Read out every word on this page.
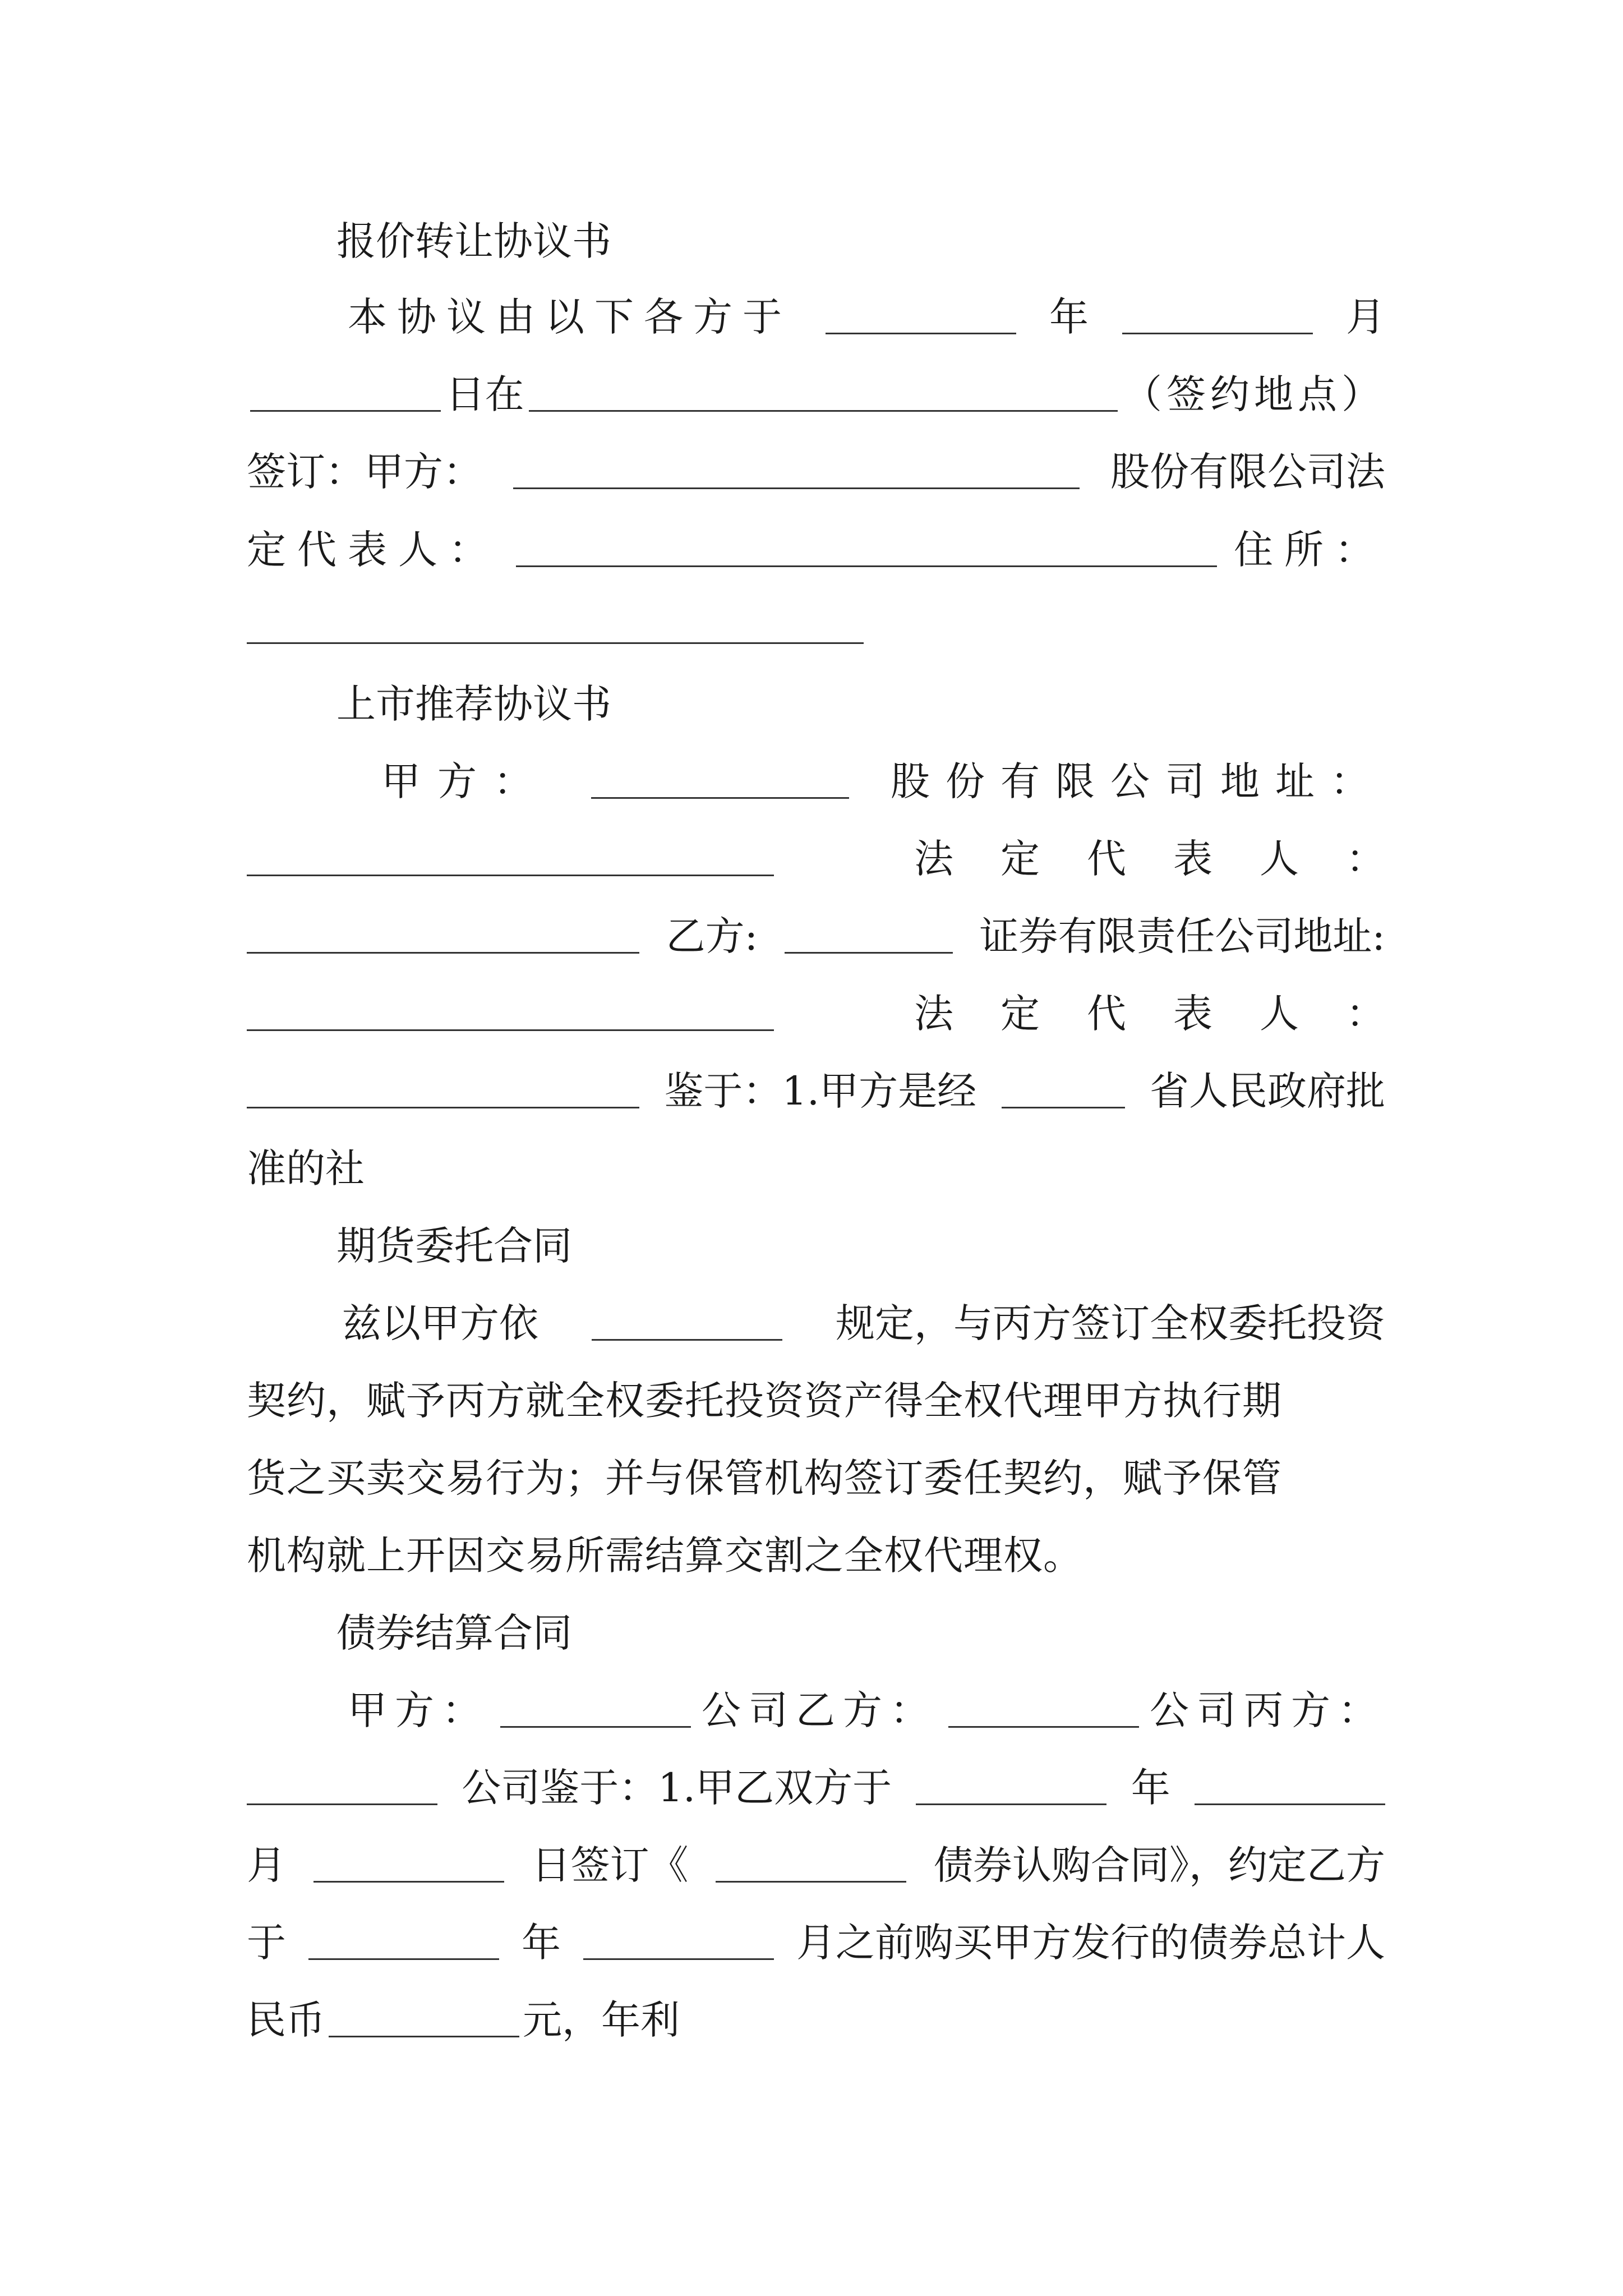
报价转让协议书
本协议由以下各方于	年	月
日在	（签约地点）
签订：甲方：	股份有限公司法
定代表人：	住所：
上市推荐协议书
甲方：	股份有限公司地址：
法定代表人：
乙方:	证券有限责任公司地址:
法定代表人：
鉴于：1.甲方是经	省人民政府批
准的社
期货委托合同
兹以甲方依	规定，与丙方签订全权委托投资
契约，赋予丙方就全权委托投资资产得全权代理甲方执行期
货之买卖交易行为；并与保管机构签订委任契约，赋予保管
机构就上开因交易所需结算交割之全权代理权。
债券结算合同
甲方：	公司乙方：	公司丙方：
公司鉴于：1.甲乙双方于	年
月	日签订《	债券认购合同》，约定乙方
于	年	月之前购买甲方发行的债券总计人
民币	元，年利
